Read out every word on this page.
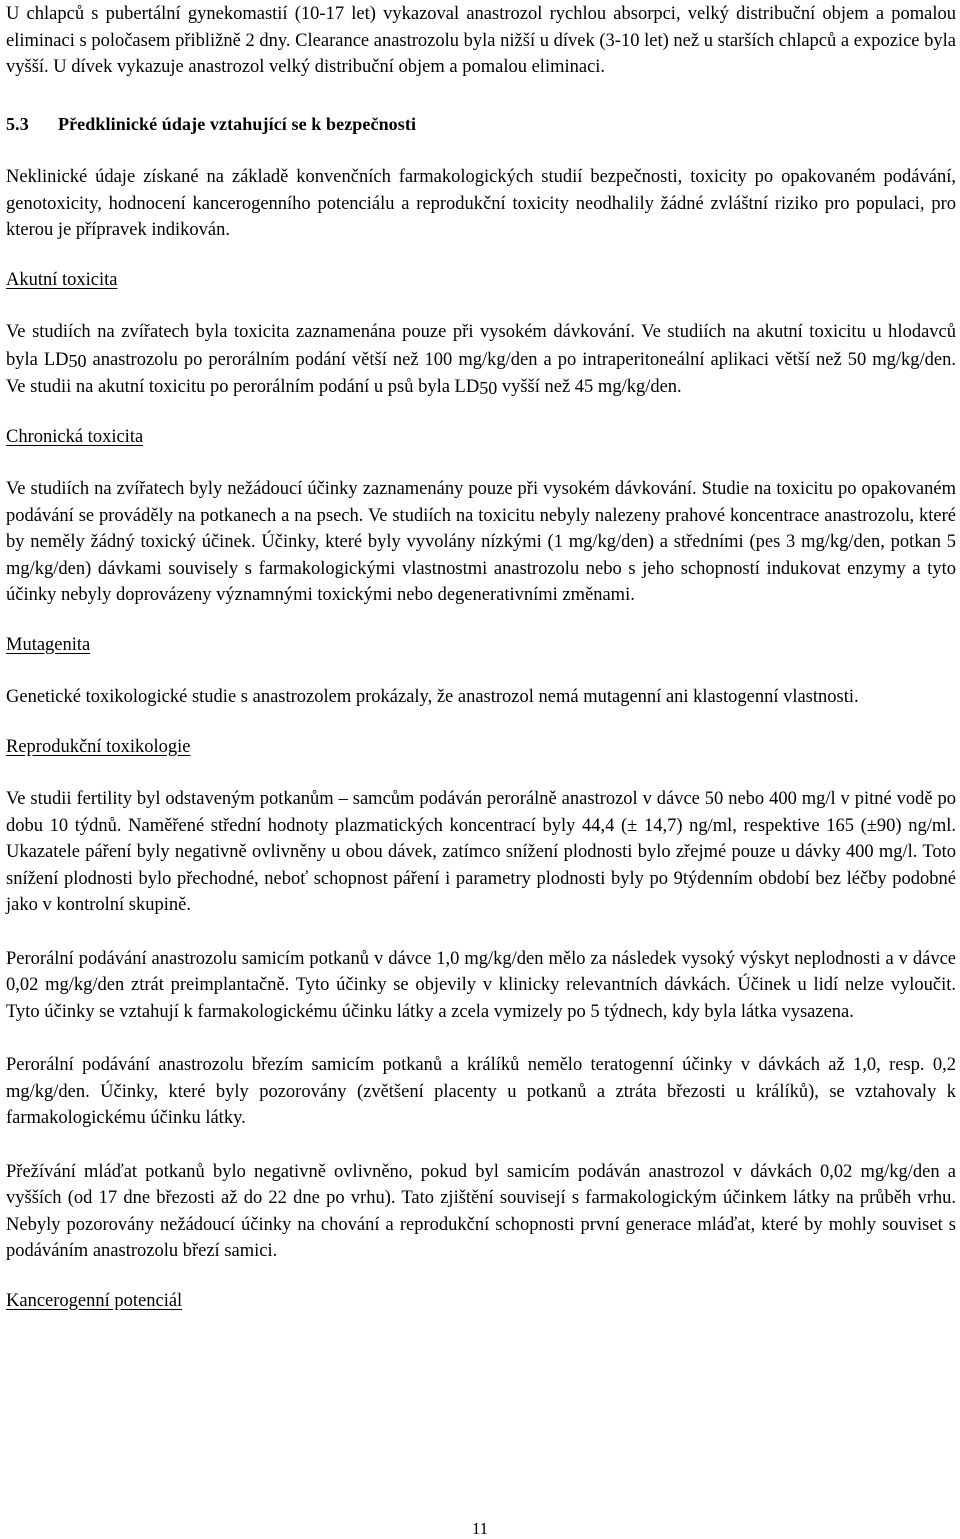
U chlapců s pubertální gynekomastií (10-17 let) vykazoval anastrozol rychlou absorpci, velký distribuční objem a pomalou eliminaci s poločasem přibližně 2 dny. Clearance anastrozolu byla nižší u dívek (3-10 let) než u starších chlapců a expozice byla vyšší. U dívek vykazuje anastrozol velký distribuční objem a pomalou eliminaci.

5.3 Předklinické údaje vztahující se k bezpečnosti

Neklinické údaje získané na základě konvenčních farmakologických studií bezpečnosti, toxicity po opakovaném podávání, genotoxicity, hodnocení kancerogenního potenciálu a reprodukční toxicity neodhalily žádné zvláštní riziko pro populaci, pro kterou je přípravek indikován.

Akutní toxicita

Ve studiích na zvířatech byla toxicita zaznamenána pouze při vysokém dávkování. Ve studiích na akutní toxicitu u hlodavců byla LD50 anastrozolu po perorálním podání větší než 100 mg/kg/den a po intraperitoneální aplikaci větší než 50 mg/kg/den. Ve studii na akutní toxicitu po perorálním podání u psů byla LD50 vyšší než 45 mg/kg/den.

Chronická toxicita

Ve studiích na zvířatech byly nežádoucí účinky zaznamenány pouze při vysokém dávkování. Studie na toxicitu po opakovaném podávání se prováděly na potkanech a na psech. Ve studiích na toxicitu nebyly nalezeny prahové koncentrace anastrozolu, které by neměly žádný toxický účinek. Účinky, které byly vyvolány nízkými (1 mg/kg/den) a středními (pes 3 mg/kg/den, potkan 5 mg/kg/den) dávkami souvisely s farmakologickými vlastnostmi anastrozolu nebo s jeho schopností indukovat enzymy a tyto účinky nebyly doprovázeny významnými toxickými nebo degenerativními změnami.

Mutagenita

Genetické toxikologické studie s anastrozolem prokázaly, že anastrozol nemá mutagenní ani klastogenní vlastnosti.

Reprodukční toxikologie

Ve studii fertility byl odstaveným potkanům – samcům podáván perorálně anastrozol v dávce 50 nebo 400 mg/l v pitné vodě po dobu 10 týdnů. Naměřené střední hodnoty plazmatických koncentrací byly 44,4 (± 14,7) ng/ml, respektive 165 (±90) ng/ml. Ukazatele páření byly negativně ovlivněny u obou dávek, zatímco snížení plodnosti bylo zřejmé pouze u dávky 400 mg/l. Toto snížení plodnosti bylo přechodné, neboť schopnost páření i parametry plodnosti byly po 9týdenním období bez léčby podobné jako v kontrolní skupině.

Perorální podávání anastrozolu samicím potkanů v dávce 1,0 mg/kg/den mělo za následek vysoký výskyt neplodnosti a v dávce 0,02 mg/kg/den ztrát preimplantačně. Tyto účinky se objevily v klinicky relevantních dávkách. Účinek u lidí nelze vyloučit. Tyto účinky se vztahují k farmakologickému účinku látky a zcela vymizely po 5 týdnech, kdy byla látka vysazena.

Perorální podávání anastrozolu březím samicím potkanů a králíků nemělo teratogenní účinky v dávkách až 1,0, resp. 0,2 mg/kg/den. Účinky, které byly pozorovány (zvětšení placenty u potkanů a ztráta březosti u králíků), se vztahovaly k farmakologickému účinku látky.

Přežívání mláďat potkanů bylo negativně ovlivněno, pokud byl samicím podáván anastrozol v dávkách 0,02 mg/kg/den a vyšších (od 17 dne březosti až do 22 dne po vrhu). Tato zjištění souvisejí s farmakologickým účinkem látky na průběh vrhu. Nebyly pozorovány nežádoucí účinky na chování a reprodukční schopnosti první generace mláďat, které by mohly souviset s podáváním anastrozolu březí samici.

Kancerogenní potenciál

11
